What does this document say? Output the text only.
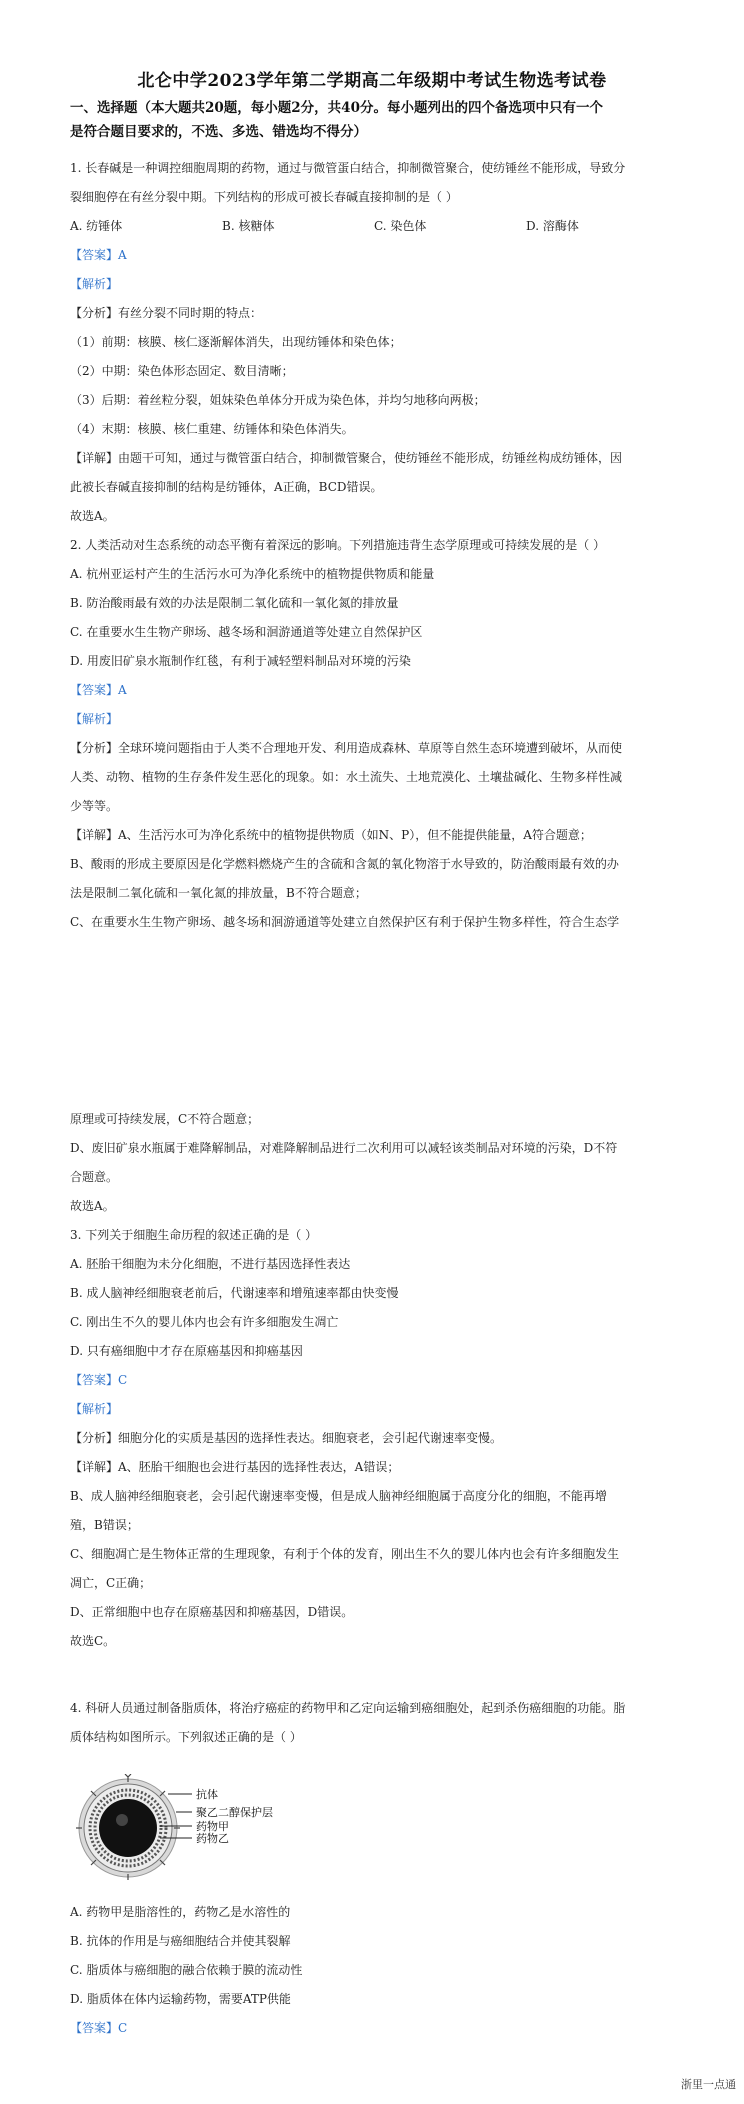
北仑中学2023学年第二学期高二年级期中考试生物选考试卷
一、选择题（本大题共20题，每小题2分，共40分。每小题列出的四个备选项中只有一个
是符合题目要求的，不选、多选、错选均不得分）
1. 长春碱是一种调控细胞周期的药物，通过与微管蛋白结合，抑制微管聚合，使纺锤丝不能形成，导致分
裂细胞停在有丝分裂中期。下列结构的形成可被长春碱直接抑制的是（ ）
A. 纺锤体	B. 核糖体	C. 染色体	D. 溶酶体
【答案】A
【解析】
【分析】有丝分裂不同时期的特点：
（1）前期：核膜、核仁逐渐解体消失，出现纺锤体和染色体；
（2）中期：染色体形态固定、数目清晰；
（3）后期：着丝粒分裂，姐妹染色单体分开成为染色体，并均匀地移向两极；
（4）末期：核膜、核仁重建、纺锤体和染色体消失。
【详解】由题干可知，通过与微管蛋白结合，抑制微管聚合，使纺锤丝不能形成，纺锤丝构成纺锤体，因
此被长春碱直接抑制的结构是纺锤体，A正确，BCD错误。
故选A。
2. 人类活动对生态系统的动态平衡有着深远的影响。下列措施违背生态学原理或可持续发展的是（ ）
A. 杭州亚运村产生的生活污水可为净化系统中的植物提供物质和能量
B. 防治酸雨最有效的办法是限制二氧化硫和一氧化氮的排放量
C. 在重要水生生物产卵场、越冬场和洄游通道等处建立自然保护区
D. 用废旧矿泉水瓶制作红毯，有利于减轻塑料制品对环境的污染
【答案】A
【解析】
【分析】全球环境问题指由于人类不合理地开发、利用造成森林、草原等自然生态环境遭到破坏，从而使
人类、动物、植物的生存条件发生恶化的现象。如：水土流失、土地荒漠化、土壤盐碱化、生物多样性减
少等等。
【详解】A、生活污水可为净化系统中的植物提供物质（如N、P），但不能提供能量，A符合题意；
B、酸雨的形成主要原因是化学燃料燃烧产生的含硫和含氮的氧化物溶于水导致的，防治酸雨最有效的办
法是限制二氧化硫和一氧化氮的排放量，B不符合题意；
C、在重要水生生物产卵场、越冬场和洄游通道等处建立自然保护区有利于保护生物多样性，符合生态学
原理或可持续发展，C不符合题意；
D、废旧矿泉水瓶属于难降解制品，对难降解制品进行二次利用可以减轻该类制品对环境的污染，D不符
合题意。
故选A。
3. 下列关于细胞生命历程的叙述正确的是（ ）
A. 胚胎干细胞为未分化细胞，不进行基因选择性表达
B. 成人脑神经细胞衰老前后，代谢速率和增殖速率都由快变慢
C. 刚出生不久的婴儿体内也会有许多细胞发生凋亡
D. 只有癌细胞中才存在原癌基因和抑癌基因
【答案】C
【解析】
【分析】细胞分化的实质是基因的选择性表达。细胞衰老，会引起代谢速率变慢。
【详解】A、胚胎干细胞也会进行基因的选择性表达，A错误；
B、成人脑神经细胞衰老，会引起代谢速率变慢，但是成人脑神经细胞属于高度分化的细胞，不能再增
殖，B错误；
C、细胞凋亡是生物体正常的生理现象，有利于个体的发育，刚出生不久的婴儿体内也会有许多细胞发生
凋亡，C正确；
D、正常细胞中也存在原癌基因和抑癌基因，D错误。
故选C。
4. 科研人员通过制备脂质体，将治疗癌症的药物甲和乙定向运输到癌细胞处，起到杀伤癌细胞的功能。脂
质体结构如图所示。下列叙述正确的是（ ）
抗体
聚乙二醇保护层
药物甲
药物乙
A. 药物甲是脂溶性的，药物乙是水溶性的
B. 抗体的作用是与癌细胞结合并使其裂解
C. 脂质体与癌细胞的融合依赖于膜的流动性
D. 脂质体在体内运输药物，需要ATP供能
【答案】C
浙里一点通
